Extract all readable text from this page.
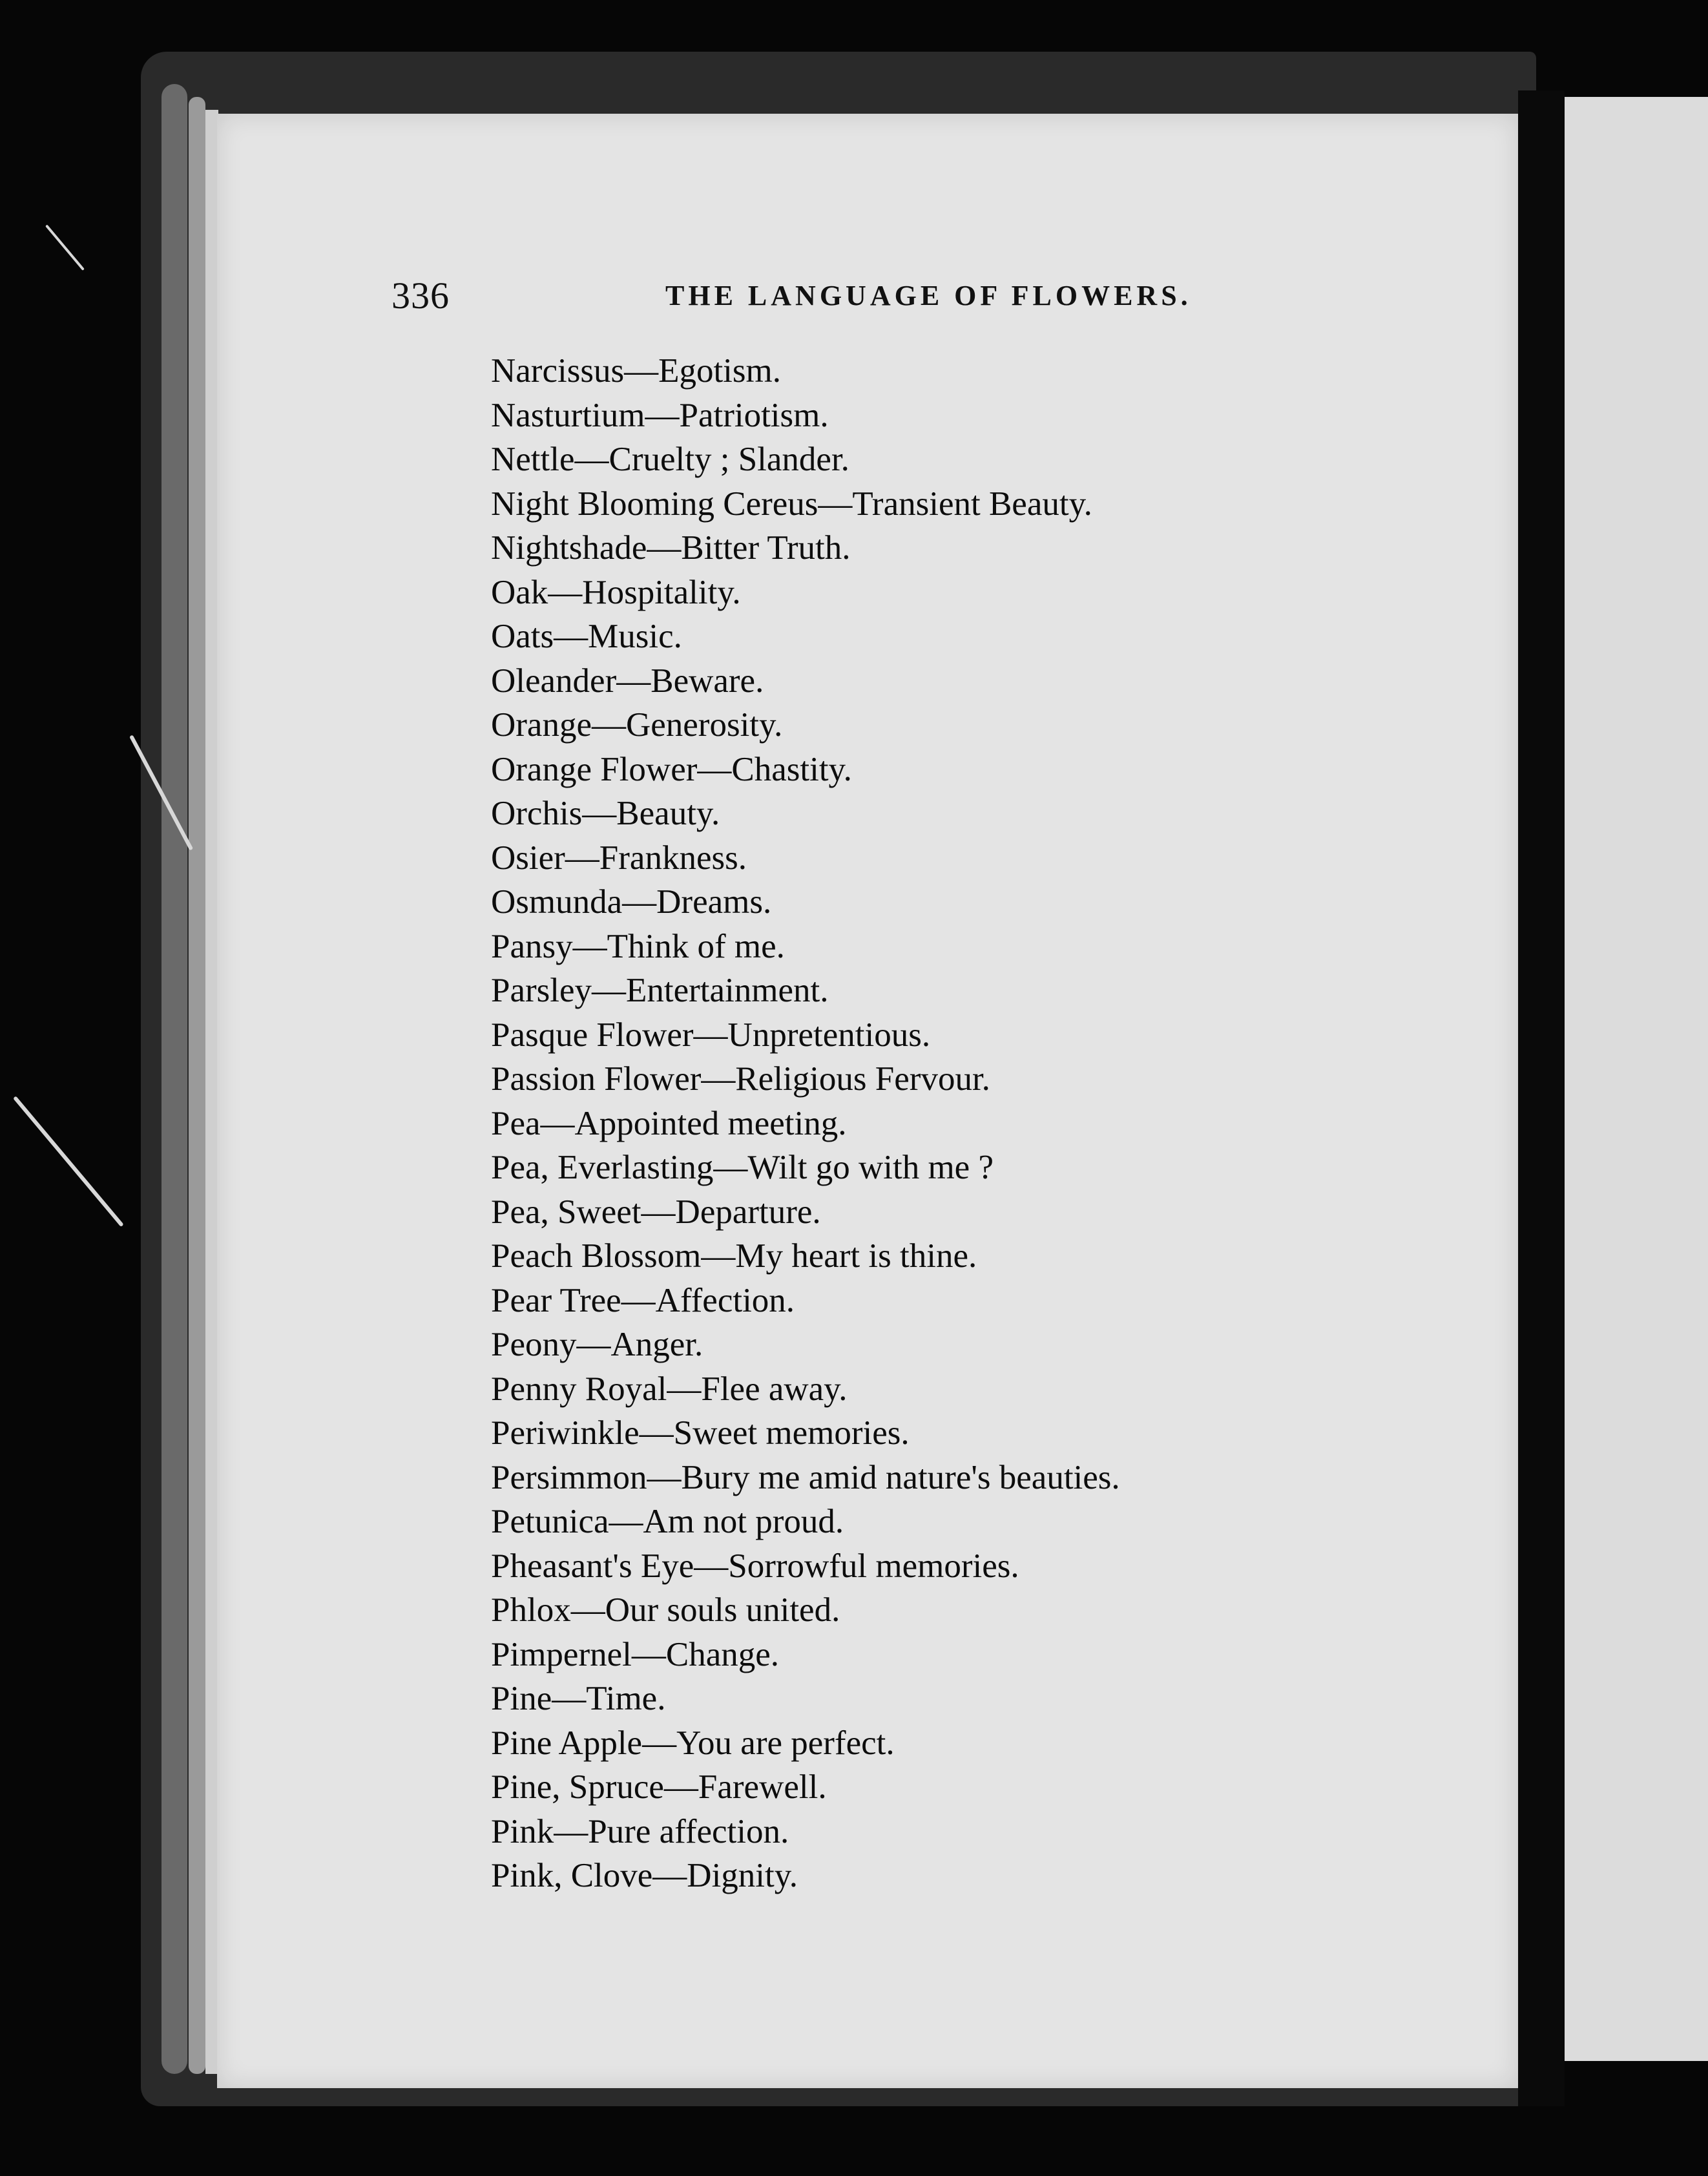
336	THE LANGUAGE OF FLOWERS.
Narcissus—Egotism.
Nasturtium—Patriotism.
Nettle—Cruelty ; Slander.
Night Blooming Cereus—Transient Beauty.
Nightshade—Bitter Truth.
Oak—Hospitality.
Oats—Music.
Oleander—Beware.
Orange—Generosity.
Orange Flower—Chastity.
Orchis—Beauty.
Osier—Frankness.
Osmunda—Dreams.
Pansy—Think of me.
Parsley—Entertainment.
Pasque Flower—Unpretentious.
Passion Flower—Religious Fervour.
Pea—Appointed meeting.
Pea, Everlasting—Wilt go with me ?
Pea, Sweet—Departure.
Peach Blossom—My heart is thine.
Pear Tree—Affection.
Peony—Anger.
Penny Royal—Flee away.
Periwinkle—Sweet memories.
Persimmon—Bury me amid nature's beauties.
Petunica—Am not proud.
Pheasant's Eye—Sorrowful memories.
Phlox—Our souls united.
Pimpernel—Change.
Pine—Time.
Pine Apple—You are perfect.
Pine, Spruce—Farewell.
Pink—Pure affection.
Pink, Clove—Dignity.
